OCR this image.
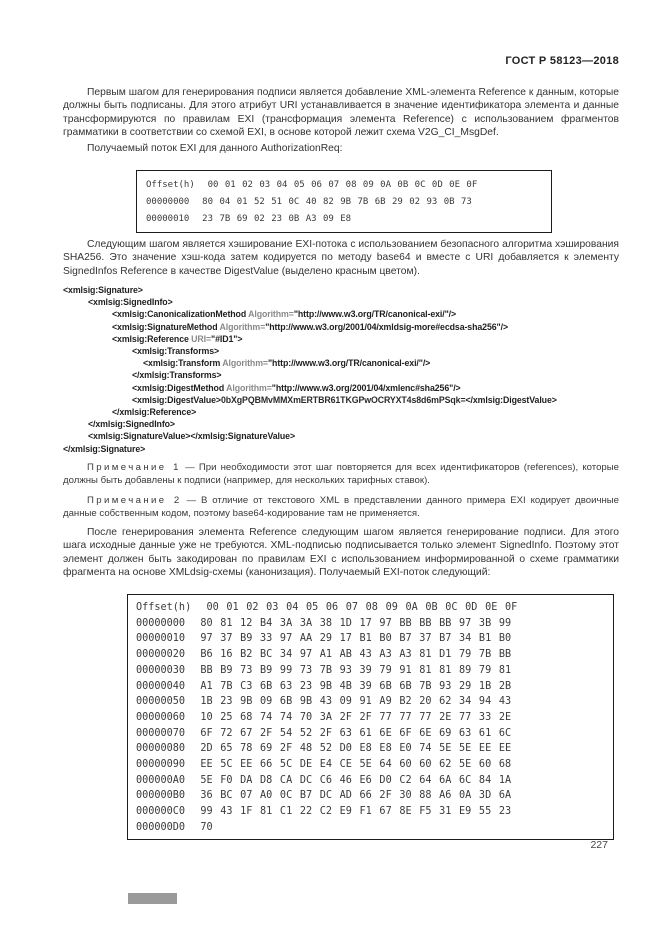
ГОСТ Р 58123—2018

Первым шагом для генерирования подписи является добавление XML-элемента Reference к данным, которые должны быть подписаны. Для этого атрибут URI устанавливается в значение идентификатора элемента и данные трансформируются по правилам EXI (трансформация элемента Reference) с использованием фрагментов грамматики в соответствии со схемой EXI, в основе которой лежит схема V2G_CI_MsgDef.

Получаемый поток EXI для данного AuthorizationReq:

Offset(h)  00 01 02 03 04 05 06 07 08 09 0A 0B 0C 0D 0E 0F
00000000  80 04 01 52 51 0C 40 82 9B 7B 6B 29 02 93 0B 73
00000010  23 7B 69 02 23 0B A3 09 E8

Следующим шагом является хэширование EXI-потока с использованием безопасного алгоритма хэширования SHA256. Это значение хэш-кода затем кодируется по методу base64 и вместе с URI добавляется к элементу SignedInfos Reference в качестве DigestValue (выделено красным цветом).

<xmlsig:Signature>
<xmlsig:SignedInfo>
<xmlsig:CanonicalizationMethod Algorithm="http://www.w3.org/TR/canonical-exi/"/>
<xmlsig:SignatureMethod Algorithm="http://www.w3.org/2001/04/xmldsig-more#ecdsa-sha256"/>
<xmlsig:Reference URI="#ID1">
<xmlsig:Transforms>
<xmlsig:Transform Algorithm="http://www.w3.org/TR/canonical-exi/"/>
</xmlsig:Transforms>
<xmlsig:DigestMethod Algorithm="http://www.w3.org/2001/04/xmlenc#sha256"/>
<xmlsig:DigestValue>0bXgPQBMvMMXmERTBR61TKGPwOCRYXT4s8d6mPSqk=</xmlsig:DigestValue>
</xmlsig:Reference>
</xmlsig:SignedInfo>
<xmlsig:SignatureValue></xmlsig:SignatureValue>
</xmlsig:Signature>

Примечание 1 — При необходимости этот шаг повторяется для всех идентификаторов (references), которые должны быть добавлены к подписи (например, для нескольких тарифных ставок).

Примечание 2 — В отличие от текстового XML в представлении данного примера EXI кодирует двоичные данные собственным кодом, поэтому base64-кодирование там не применяется.

После генерирования элемента Reference следующим шагом является генерирование подписи. Для этого шага исходные данные уже не требуются. XML-подписью подписывается только элемент SignedInfo. Поэтому этот элемент должен быть закодирован по правилам EXI с использованием информированной о схеме грамматики фрагмента на основе XMLdsig-схемы (канонизация). Получаемый EXI-поток следующий:

Offset(h)  00 01 02 03 04 05 06 07 08 09 0A 0B 0C 0D 0E 0F
00000000  80 81 12 B4 3A 3A 38 1D 17 97 BB BB BB 97 3B 99
00000010  97 37 B9 33 97 AA 29 17 B1 B0 B7 37 B7 34 B1 B0
00000020  B6 16 B2 BC 34 97 A1 AB 43 A3 A3 81 D1 79 7B BB
00000030  BB B9 73 B9 99 73 7B 93 39 79 91 81 81 89 79 81
00000040  A1 7B C3 6B 63 23 9B 4B 39 6B 6B 7B 93 29 1B 2B
00000050  1B 23 9B 09 6B 9B 43 09 91 A9 B2 20 62 34 94 43
00000060  10 25 68 74 74 70 3A 2F 2F 77 77 77 2E 77 33 2E
00000070  6F 72 67 2F 54 52 2F 63 61 6E 6F 6E 69 63 61 6C
00000080  2D 65 78 69 2F 48 52 D0 E8 E8 E0 74 5E 5E EE EE
00000090  EE 5C EE 66 5C DE E4 CE 5E 64 60 60 62 5E 60 68
000000A0  5E F0 DA D8 CA DC C6 46 E6 D0 C2 64 6A 6C 84 1A
000000B0  36 BC 07 A0 0C B7 DC AD 66 2F 30 88 A6 0A 3D 6A
000000C0  99 43 1F 81 C1 22 C2 E9 F1 67 8E F5 31 E9 55 23
000000D0  70
227
